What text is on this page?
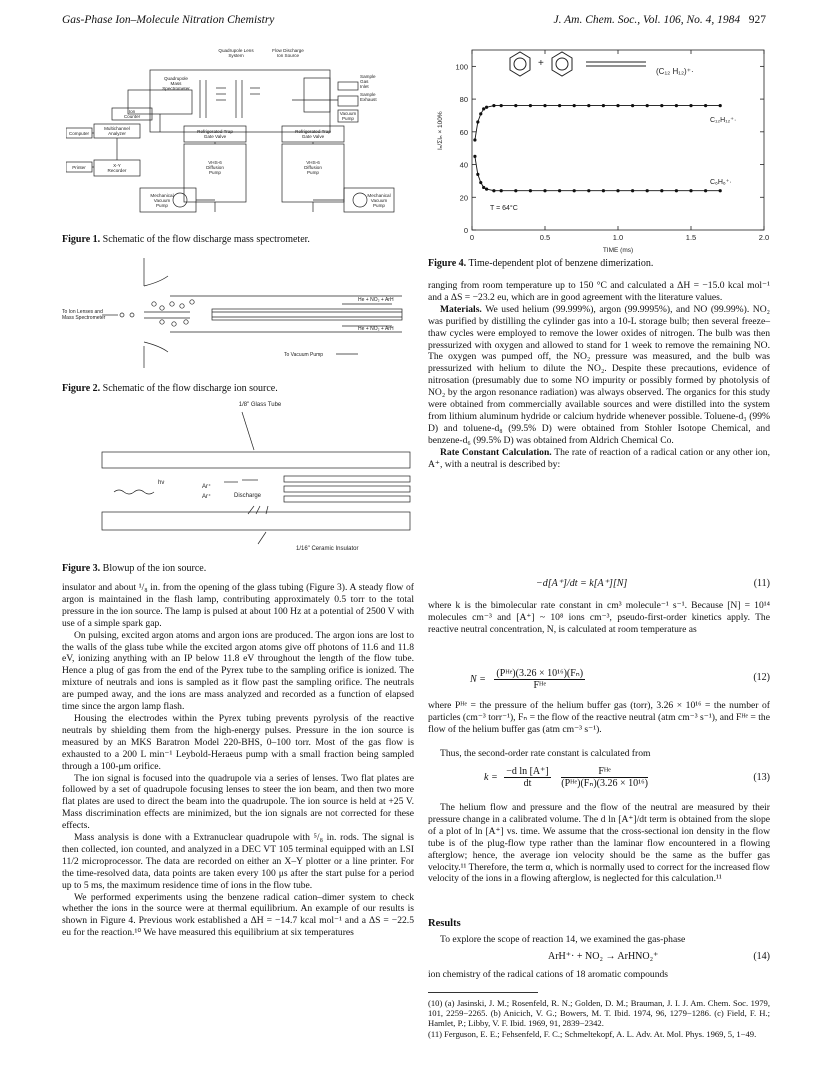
Gas-Phase Ion–Molecule Nitration Chemistry	J. Am. Chem. Soc., Vol. 106, No. 4, 1984 927
Quadrupole Lens
System
Flow Discharge
Ion Source
Quadrupole
Mass
Spectrometer
Ion
Counter
Sample
Gas
Inlet
Sample
Exhaust
Vacuum
Pump
Computer
Multichannel
Analyzer	Refrigerated Trap
Gate Valve
Refrigerated Trap
Gate Valve
Printer	X-Y
Recorder
VHS-6
Diffusion
Pump
VHS-6
Diffusion
Pump
Mechanical
Vacuum
Pump
Mechanical
Vacuum
Pump
Figure 1. Schematic of the flow discharge mass spectrometer.
To Ion Lenses and
Mass Spectrometer
He + NO₂ + ArH
He + NO₂ + ArH
To Vacuum Pump
Figure 2. Schematic of the flow discharge ion source.
1/8" Glass Tube
hν
Ar⁺
Ar⁺	Discharge
1/16" Ceramic Insulator
Figure 3. Blowup of the ion source.

insulator and about ¹/₈ in. from the opening of the glass tubing (Figure 3). A steady flow of argon is maintained in the flash lamp, contributing approximately 0.5 torr to the total pressure in the ion source. The lamp is pulsed at about 100 Hz at a potential of 2500 V with use of a simple spark gap.

On pulsing, excited argon atoms and argon ions are produced. The argon ions are lost to the walls of the glass tube while the excited argon atoms give off photons of 11.6 and 11.8 eV, ionizing anything with an IP below 11.8 eV throughout the length of the flow tube. Hence a plug of gas from the end of the Pyrex tube to the sampling orifice is ionized. The mixture of neutrals and ions is sampled as it flow past the sampling orifice. The neutrals are pumped away, and the ions are mass analyzed and recorded as a function of elapsed time since the argon lamp flash.

Housing the electrodes within the Pyrex tubing prevents pyrolysis of the reactive neutrals by shielding them from the high-energy pulses. Pressure in the ion source is measured by an MKS Baratron Model 220-BHS, 0–100 torr. Most of the gas flow is exhausted to a 200 L min⁻¹ Leybold-Heraeus pump with a small fraction being sampled through a 100-μm orifice.

The ion signal is focused into the quadrupole via a series of lenses. Two flat plates are followed by a set of quadrupole focusing lenses to steer the ion beam, and then two more flat plates are used to direct the beam into the quadrupole. The ion source is held at +25 V. Mass discrimination effects are minimized, but the ion signals are not corrected for these effects.

Mass analysis is done with a Extranuclear quadrupole with ⁵/₈ in. rods. The signal is then collected, ion counted, and analyzed in a DEC VT 105 terminal equipped with an LSI 11/2 microprocessor. The data are recorded on either an X–Y plotter or a line printer. For the time-resolved data, data points are taken every 100 μs after the start pulse for a period up to 5 ms, the maximum residence time of ions in the flow tube.

We performed experiments using the benzene radical cation–dimer system to check whether the ions in the source were at thermal equilibrium. An example of our results is shown in Figure 4. Previous work established a ΔH = −14.7 kcal mol⁻¹ and a ΔS = −22.5 eu for the reaction.¹⁰ We have measured this equilibrium at six temperatures

0	0.5	1.0	1.5	2.0
0
20
40
60
80
100
Iₙ/ΣIₙ × 100%
TIME (ms)
(C₁₂ H₁₂)⁺·
C₁₂H₁₂⁺·
C₆H₆⁺·
T = 64°C
+
Figure 4. Time-dependent plot of benzene dimerization.

ranging from room temperature up to 150 °C and calculated a ΔH = −15.0 kcal mol⁻¹ and a ΔS = −23.2 eu, which are in good agreement with the literature values.

Materials. We used helium (99.999%), argon (99.9995%), and NO (99.99%). NO₂ was purified by distilling the cylinder gas into a 10-L storage bulb; then several freeze–thaw cycles were employed to remove the lower oxides of nitrogen. The bulb was then pressurized with oxygen and allowed to stand for 1 week to remove the remaining NO. The oxygen was pumped off, the NO₂ pressure was measured, and the bulb was pressurized with helium to dilute the NO₂. Despite these precautions, evidence of nitrosation (presumably due to some NO impurity or possibly formed by photolysis of NO₂ by the argon resonance radiation) was always observed. The organics for this study were obtained from commercially available sources and were distilled into the system from lithium aluminum hydride or calcium hydride whenever possible. Toluene-d₃ (99% D) and toluene-d₈ (99.5% D) were obtained from Stohler Isotope Chemical, and benzene-d₆ (99.5% D) was obtained from Aldrich Chemical Co.

Rate Constant Calculation. The rate of reaction of a radical cation or any other ion, A⁺, with a neutral is described by:

−d[A⁺]/dt = k[A⁺][N]	(11)
where k is the bimolecular rate constant in cm³ molecule⁻¹ s⁻¹. Because [N] = 10¹⁴ molecules cm⁻³ and [A⁺] ~ 10⁸ ions cm⁻³, pseudo-first-order kinetics apply. The reactive neutral concentration, N, is calculated at room temperature as
N =
(Pᴴᵉ)(3.26 × 10¹⁶)(Fₙ)
Fᴴᵉ
(12)
where Pᴴᵉ = the pressure of the helium buffer gas (torr), 3.26 × 10¹⁶ = the number of particles (cm⁻³ torr⁻¹), Fₙ = the flow of the reactive neutral (atm cm⁻³ s⁻¹), and Fᴴᵉ = the flow of the helium buffer gas (atm cm⁻³ s⁻¹).

Thus, the second-order rate constant is calculated from

$k = \frac{\text{−d ln [A⁺]}}{dt}$
	Fᴴᵉ
(Pᴴᵉ)(Fₙ)(3.26 × 10¹⁶)
(13)

The helium flow and pressure and the flow of the neutral are measured by their pressure change in a calibrated volume. The d ln [A⁺]/dt term is obtained from the slope of a plot of ln [A⁺] vs. time. We assume that the cross-sectional ion density in the flow tube is of the plug-flow type rather than the laminar flow encountered in a flowing afterglow; hence, the average ion velocity should be the same as the buffer gas velocity.¹¹ Therefore, the term α, which is normally used to correct for the increased flow velocity of the ions in a flowing afterglow, is neglected for this calculation.¹¹

Results

To explore the scope of reaction 14, we examined the gas-phase

ArH⁺· + NO₂ → ArHNO₂⁺	(14)
ion chemistry of the radical cations of 18 aromatic compounds
(10) (a) Jasinski, J. M.; Rosenfeld, R. N.; Golden, D. M.; Brauman, J. I. J. Am. Chem. Soc. 1979, 101, 2259−2265. (b) Anicich, V. G.; Bowers, M. T. Ibid. 1974, 96, 1279−1286. (c) Field, F. H.; Hamlet, P.; Libby, V. F. Ibid. 1969, 91, 2839−2342.
(11) Ferguson, E. E.; Fehsenfeld, F. C.; Schmeltekopf, A. L. Adv. At. Mol. Phys. 1969, 5, 1−49.
